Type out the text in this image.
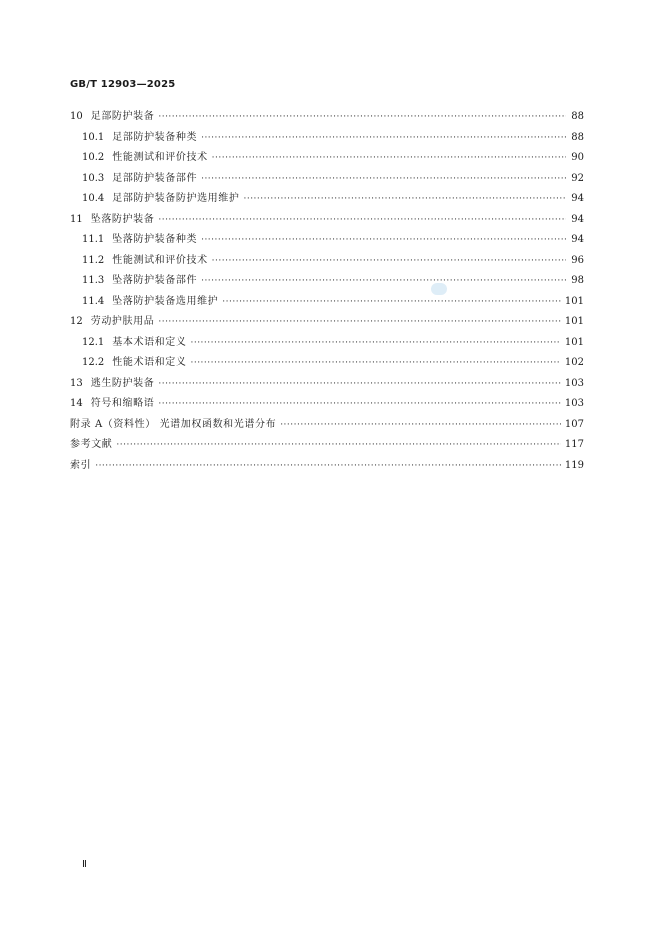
GB/T 12903—2025
10 足部防护装备 ·····	88
10.1 足部防护装备种类 ·····	88
10.2 性能测试和评价技术 ·····	90
10.3 足部防护装备部件 ·····	92
10.4 足部防护装备防护选用维护 ·····	94
11 坠落防护装备 ·····	94
11.1 坠落防护装备种类 ·····	94
11.2 性能测试和评价技术 ·····	96
11.3 坠落防护装备部件 ·····	98
11.4 坠落防护装备选用维护 ·····	101
12 劳动护肤用品 ·····	101
12.1 基本术语和定义 ·····	101
12.2 性能术语和定义 ·····	102
13 逃生防护装备 ·····	103
14 符号和缩略语 ·····	103
附录 A（资料性） 光谱加权函数和光谱分布 ·····	107
参考文献 ·····	117
索引 ·····	119
Ⅱ
